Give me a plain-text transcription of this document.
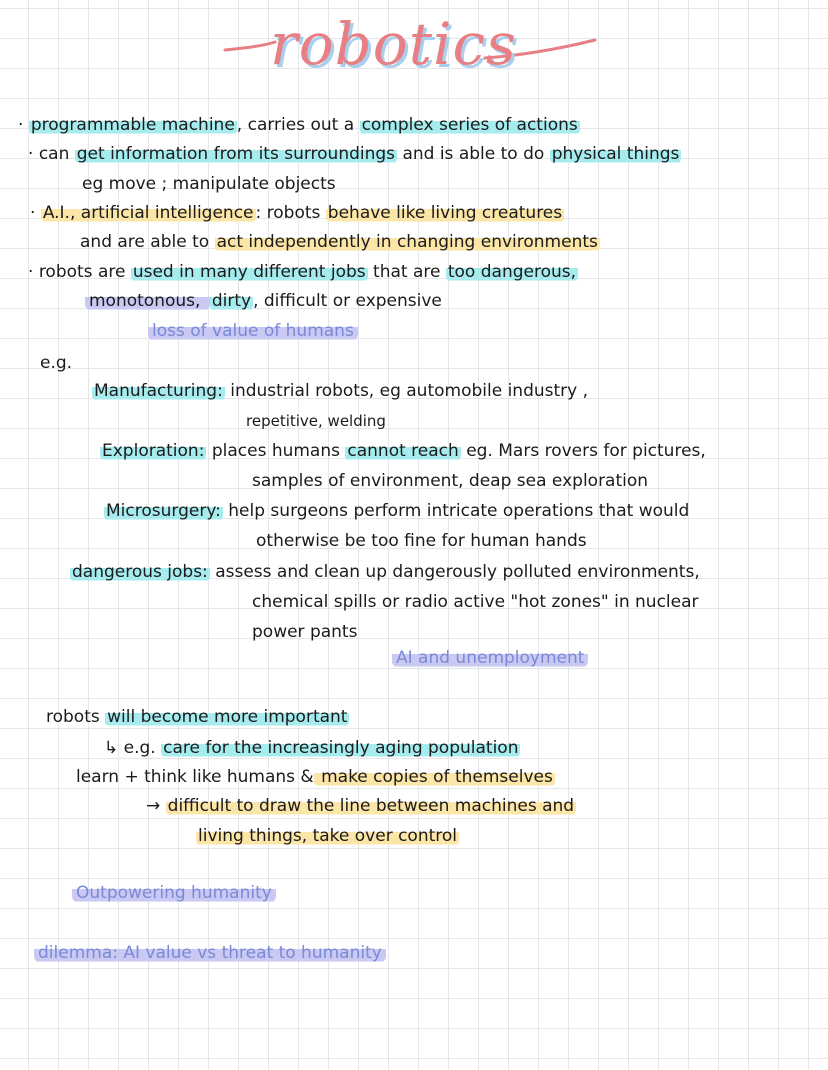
robotics
· programmable machine , carries out a complex series of actions
· can get information from its surroundings and is able to do physical things
eg move ; manipulate objects
· A.I., artificial intelligence : robots behave like living creatures
and are able to act independently in changing environments
· robots are used in many different jobs that are too dangerous,
monotonous, dirty , difficult or expensive
loss of value of humans
e.g.
Manufacturing: industrial robots, eg automobile industry ,
repetitive, welding
Exploration: places humans cannot reach eg. Mars rovers for pictures,
samples of environment, deap sea exploration
Microsurgery: help surgeons perform intricate operations that would
otherwise be too fine for human hands
dangerous jobs: assess and clean up dangerously polluted environments,
chemical spills or radio active "hot zones" in nuclear
power pants
AI and unemployment
robots will become more important
↳ e.g. care for the increasingly aging population
learn + think like humans & make copies of themselves
→ difficult to draw the line between machines and
living things, take over control
Outpowering humanity
dilemma: AI value vs threat to humanity
